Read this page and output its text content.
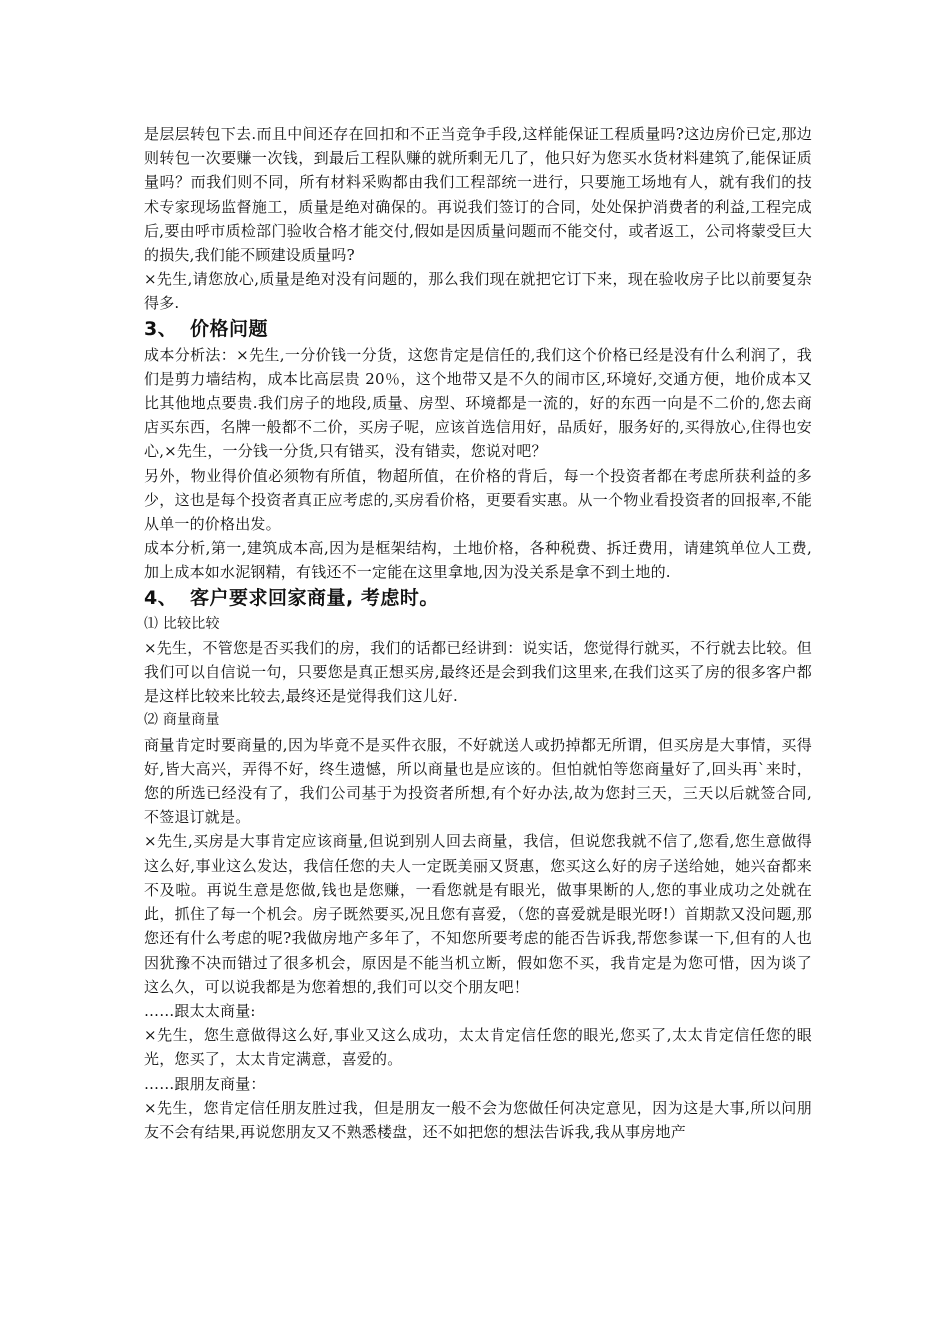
是层层转包下去.而且中间还存在回扣和不正当竞争手段,这样能保证工程质量吗?这边房价已定,那边则转包一次要赚一次钱，到最后工程队赚的就所剩无几了，他只好为您买水货材料建筑了,能保证质量吗？而我们则不同，所有材料采购都由我们工程部统一进行，只要施工场地有人，就有我们的技术专家现场监督施工，质量是绝对确保的。再说我们签订的合同，处处保护消费者的利益,工程完成后,要由呼市质检部门验收合格才能交付,假如是因质量问题而不能交付，或者返工，公司将蒙受巨大的损失,我们能不顾建设质量吗?

×先生,请您放心,质量是绝对没有问题的，那么我们现在就把它订下来，现在验收房子比以前要复杂得多.

3、 价格问题

成本分析法：×先生,一分价钱一分货，这您肯定是信任的,我们这个价格已经是没有什么利润了，我们是剪力墙结构，成本比高层贵 20％，这个地带又是不久的闹市区,环境好,交通方便，地价成本又比其他地点要贵.我们房子的地段,质量、房型、环境都是一流的，好的东西一向是不二价的,您去商店买东西，名牌一般都不二价，买房子呢，应该首选信用好，品质好，服务好的,买得放心,住得也安心,×先生，一分钱一分货,只有错买，没有错卖，您说对吧？

另外，物业得价值必须物有所值，物超所值，在价格的背后，每一个投资者都在考虑所获利益的多少，这也是每个投资者真正应考虑的,买房看价格，更要看实惠。从一个物业看投资者的回报率,不能从单一的价格出发。

成本分析,第一,建筑成本高,因为是框架结构，土地价格，各种税费、拆迁费用，请建筑单位人工费,加上成本如水泥钢精，有钱还不一定能在这里拿地,因为没关系是拿不到土地的.

4、 客户要求回家商量, 考虑时。

⑴ 比较比较

×先生，不管您是否买我们的房，我们的话都已经讲到：说实话，您觉得行就买，不行就去比较。但我们可以自信说一句，只要您是真正想买房,最终还是会到我们这里来,在我们这买了房的很多客户都是这样比较来比较去,最终还是觉得我们这儿好.

⑵ 商量商量

商量肯定时要商量的,因为毕竟不是买件衣服，不好就送人或扔掉都无所谓，但买房是大事情，买得好,皆大高兴，弄得不好，终生遗憾，所以商量也是应该的。但怕就怕等您商量好了,回头再`来时，您的所选已经没有了，我们公司基于为投资者所想,有个好办法,故为您封三天，三天以后就签合同,不签退订就是。

×先生,买房是大事肯定应该商量,但说到别人回去商量，我信，但说您我就不信了,您看,您生意做得这么好,事业这么发达，我信任您的夫人一定既美丽又贤惠，您买这么好的房子送给她，她兴奋都来不及啦。再说生意是您做,钱也是您赚，一看您就是有眼光，做事果断的人,您的事业成功之处就在此，抓住了每一个机会。房子既然要买,况且您有喜爱，（您的喜爱就是眼光呀!）首期款又没问题,那您还有什么考虑的呢?我做房地产多年了，不知您所要考虑的能否告诉我,帮您参谋一下,但有的人也因犹豫不决而错过了很多机会，原因是不能当机立断，假如您不买，我肯定是为您可惜，因为谈了这么久，可以说我都是为您着想的,我们可以交个朋友吧！

……跟太太商量:

×先生，您生意做得这么好,事业又这么成功，太太肯定信任您的眼光,您买了,太太肯定信任您的眼光，您买了，太太肯定满意，喜爱的。

……跟朋友商量：

×先生，您肯定信任朋友胜过我，但是朋友一般不会为您做任何决定意见，因为这是大事,所以问朋友不会有结果,再说您朋友又不熟悉楼盘，还不如把您的想法告诉我,我从事房地产
